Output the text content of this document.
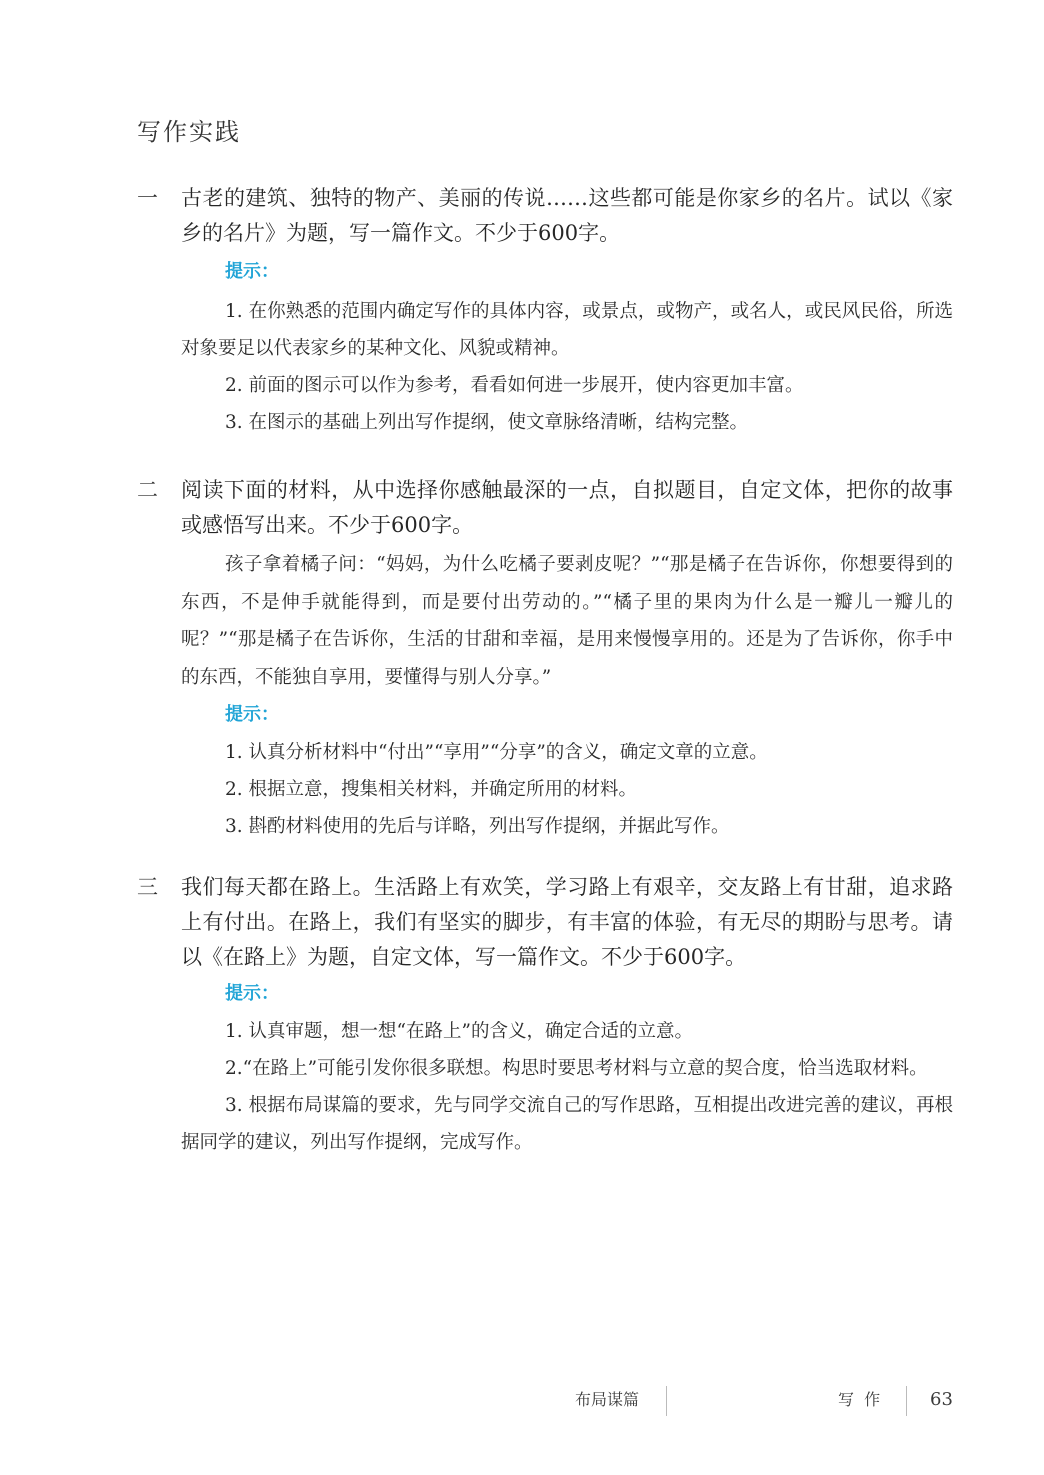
写作实践
一	古老的建筑、独特的物产、美丽的传说……这些都可能是你家乡的名片。试以《家乡的名片》为题，写一篇作文。不少于600字。
提示：
1. 在你熟悉的范围内确定写作的具体内容，或景点，或物产，或名人，或民风民俗，所选对象要足以代表家乡的某种文化、风貌或精神。
2. 前面的图示可以作为参考，看看如何进一步展开，使内容更加丰富。
3. 在图示的基础上列出写作提纲，使文章脉络清晰，结构完整。
二	阅读下面的材料，从中选择你感触最深的一点，自拟题目，自定文体，把你的故事或感悟写出来。不少于600字。
孩子拿着橘子问：“妈妈，为什么吃橘子要剥皮呢？”“那是橘子在告诉你，你想要得到的东西，不是伸手就能得到，而是要付出劳动的。”“橘子里的果肉为什么是一瓣儿一瓣儿的呢？”“那是橘子在告诉你，生活的甘甜和幸福，是用来慢慢享用的。还是为了告诉你，你手中的东西，不能独自享用，要懂得与别人分享。”
提示：
1. 认真分析材料中“付出”“享用”“分享”的含义，确定文章的立意。
2. 根据立意，搜集相关材料，并确定所用的材料。
3. 斟酌材料使用的先后与详略，列出写作提纲，并据此写作。
三	我们每天都在路上。生活路上有欢笑，学习路上有艰辛，交友路上有甘甜，追求路上有付出。在路上，我们有坚实的脚步，有丰富的体验，有无尽的期盼与思考。请以《在路上》为题，自定文体，写一篇作文。不少于600字。
提示：
1. 认真审题，想一想“在路上”的含义，确定合适的立意。
2.“在路上”可能引发你很多联想。构思时要思考材料与立意的契合度，恰当选取材料。
3. 根据布局谋篇的要求，先与同学交流自己的写作思路，互相提出改进完善的建议，再根据同学的建议，列出写作提纲，完成写作。
布局谋篇	写  作	63
